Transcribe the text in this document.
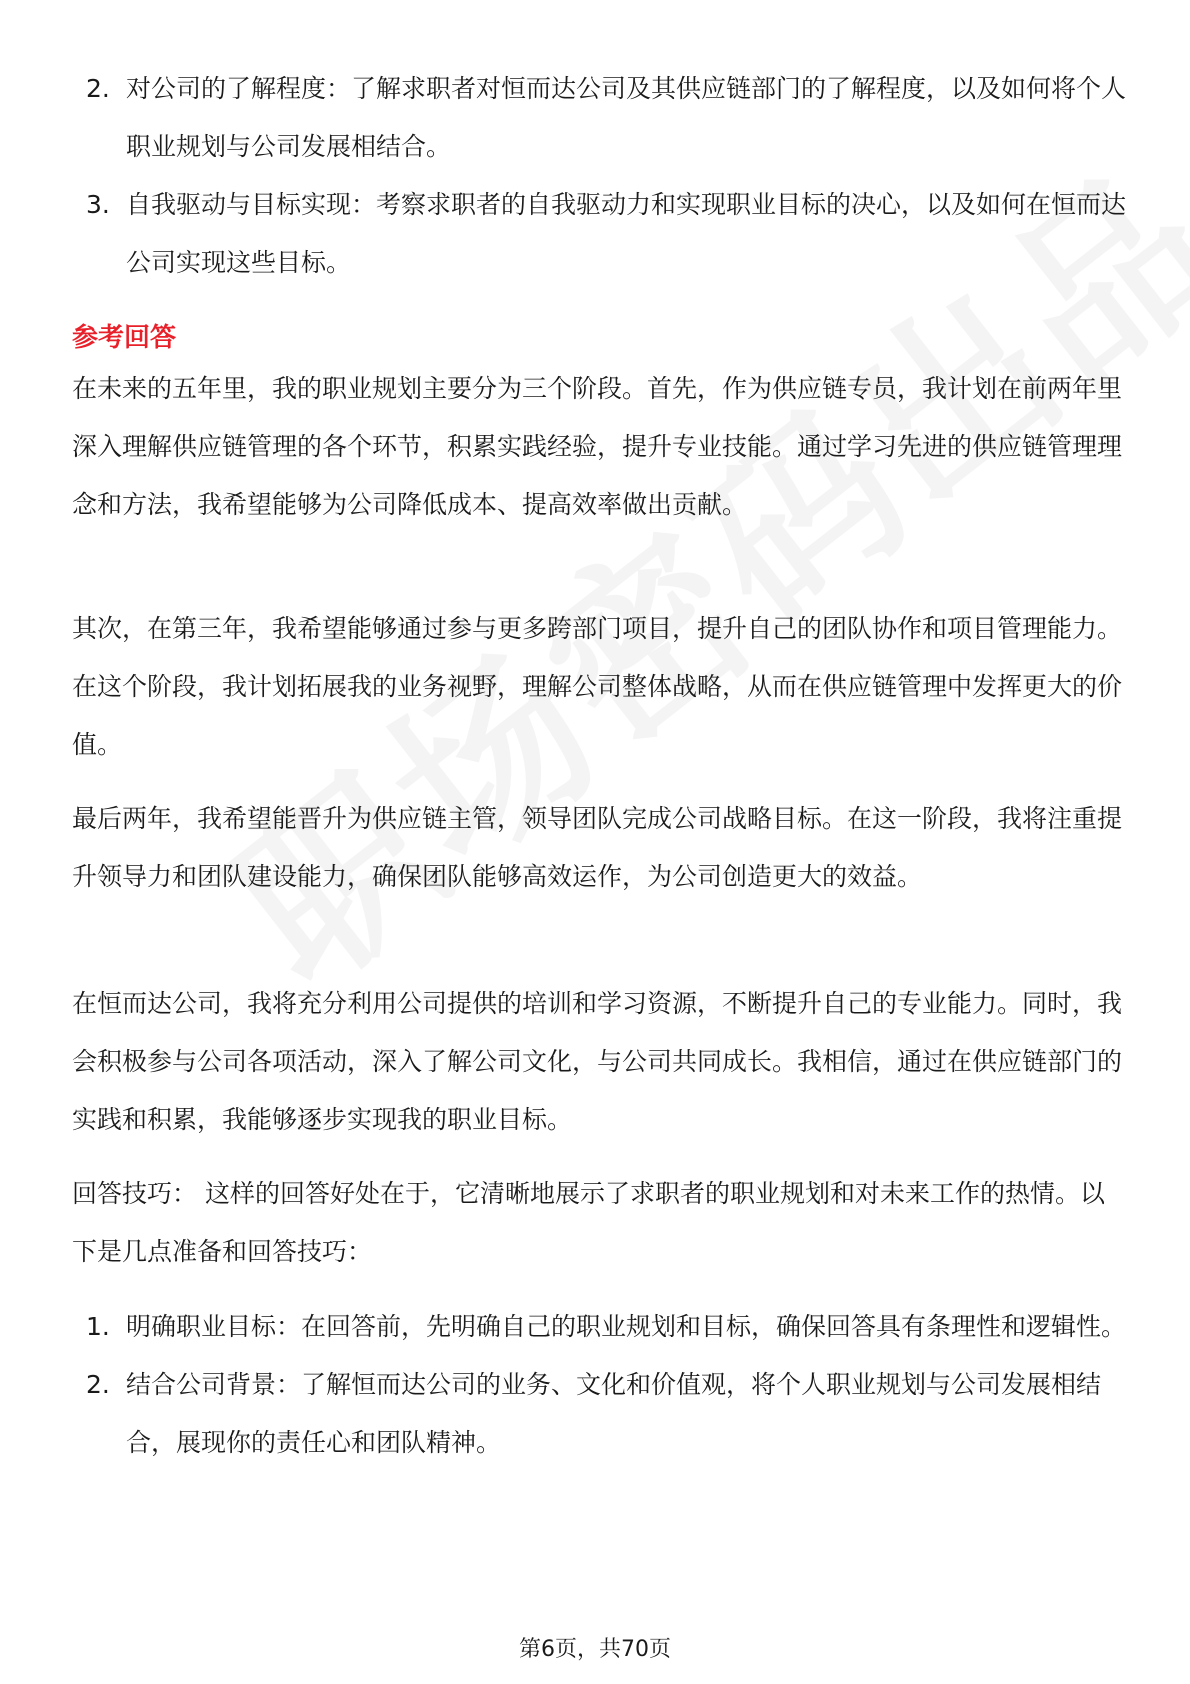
2. 对公司的了解程度：了解求职者对恒而达公司及其供应链部门的了解程度，以及如何将个人职业规划与公司发展相结合。
3. 自我驱动与目标实现：考察求职者的自我驱动力和实现职业目标的决心，以及如何在恒而达公司实现这些目标。
参考回答
在未来的五年里，我的职业规划主要分为三个阶段。首先，作为供应链专员，我计划在前两年里深入理解供应链管理的各个环节，积累实践经验，提升专业技能。通过学习先进的供应链管理理念和方法，我希望能够为公司降低成本、提高效率做出贡献。
其次，在第三年，我希望能够通过参与更多跨部门项目，提升自己的团队协作和项目管理能力。在这个阶段，我计划拓展我的业务视野，理解公司整体战略，从而在供应链管理中发挥更大的价值。
最后两年，我希望能晋升为供应链主管，领导团队完成公司战略目标。在这一阶段，我将注重提升领导力和团队建设能力，确保团队能够高效运作，为公司创造更大的效益。
在恒而达公司，我将充分利用公司提供的培训和学习资源，不断提升自己的专业能力。同时，我会积极参与公司各项活动，深入了解公司文化，与公司共同成长。我相信，通过在供应链部门的实践和积累，我能够逐步实现我的职业目标。
回答技巧： 这样的回答好处在于，它清晰地展示了求职者的职业规划和对未来工作的热情。以下是几点准备和回答技巧：
1. 明确职业目标：在回答前，先明确自己的职业规划和目标，确保回答具有条理性和逻辑性。
2. 结合公司背景：了解恒而达公司的业务、文化和价值观，将个人职业规划与公司发展相结合，展现你的责任心和团队精神。
第6页，共70页
